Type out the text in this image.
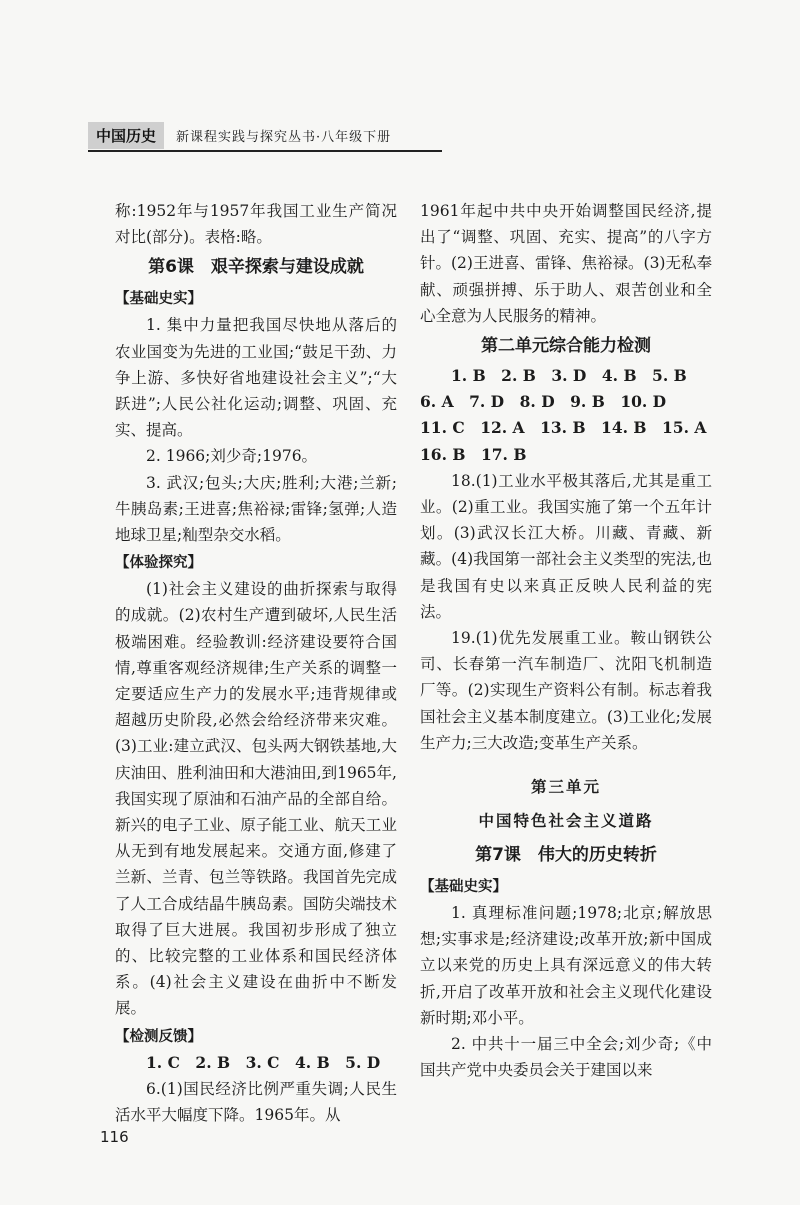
中国历史	新课程实践与探究丛书·八年级下册

称:1952年与1957年我国工业生产简况对比(部分)。表格:略。

第6课　艰辛探索与建设成就

【基础史实】

1. 集中力量把我国尽快地从落后的农业国变为先进的工业国;“鼓足干劲、力争上游、多快好省地建设社会主义”;“大跃进”;人民公社化运动;调整、巩固、充实、提高。

2. 1966;刘少奇;1976。

3. 武汉;包头;大庆;胜利;大港;兰新;牛胰岛素;王进喜;焦裕禄;雷锋;氢弹;人造地球卫星;籼型杂交水稻。

【体验探究】

(1)社会主义建设的曲折探索与取得的成就。(2)农村生产遭到破坏,人民生活极端困难。经验教训:经济建设要符合国情,尊重客观经济规律;生产关系的调整一定要适应生产力的发展水平;违背规律或超越历史阶段,必然会给经济带来灾难。(3)工业:建立武汉、包头两大钢铁基地,大庆油田、胜利油田和大港油田,到1965年,我国实现了原油和石油产品的全部自给。新兴的电子工业、原子能工业、航天工业从无到有地发展起来。交通方面,修建了兰新、兰青、包兰等铁路。我国首先完成了人工合成结晶牛胰岛素。国防尖端技术取得了巨大进展。我国初步形成了独立的、比较完整的工业体系和国民经济体系。(4)社会主义建设在曲折中不断发展。

【检测反馈】

1. C　2. B　3. C　4. B　5. D

6.(1)国民经济比例严重失调;人民生活水平大幅度下降。1965年。从

1961年起中共中央开始调整国民经济,提出了“调整、巩固、充实、提高”的八字方针。(2)王进喜、雷锋、焦裕禄。(3)无私奉献、顽强拼搏、乐于助人、艰苦创业和全心全意为人民服务的精神。

第二单元综合能力检测

1. B　2. B　3. D　4. B　5. B

6. A　7. D　8. D　9. B　10. D

11. C　12. A　13. B　14. B　15. A

16. B　17. B

18.(1)工业水平极其落后,尤其是重工业。(2)重工业。我国实施了第一个五年计划。(3)武汉长江大桥。川藏、青藏、新藏。(4)我国第一部社会主义类型的宪法,也是我国有史以来真正反映人民利益的宪法。

19.(1)优先发展重工业。鞍山钢铁公司、长春第一汽车制造厂、沈阳飞机制造厂等。(2)实现生产资料公有制。标志着我国社会主义基本制度建立。(3)工业化;发展生产力;三大改造;变革生产关系。

第三单元

中国特色社会主义道路

第7课　伟大的历史转折

【基础史实】

1. 真理标准问题;1978;北京;解放思想;实事求是;经济建设;改革开放;新中国成立以来党的历史上具有深远意义的伟大转折,开启了改革开放和社会主义现代化建设新时期;邓小平。

2. 中共十一届三中全会;刘少奇;《中国共产党中央委员会关于建国以来

116
